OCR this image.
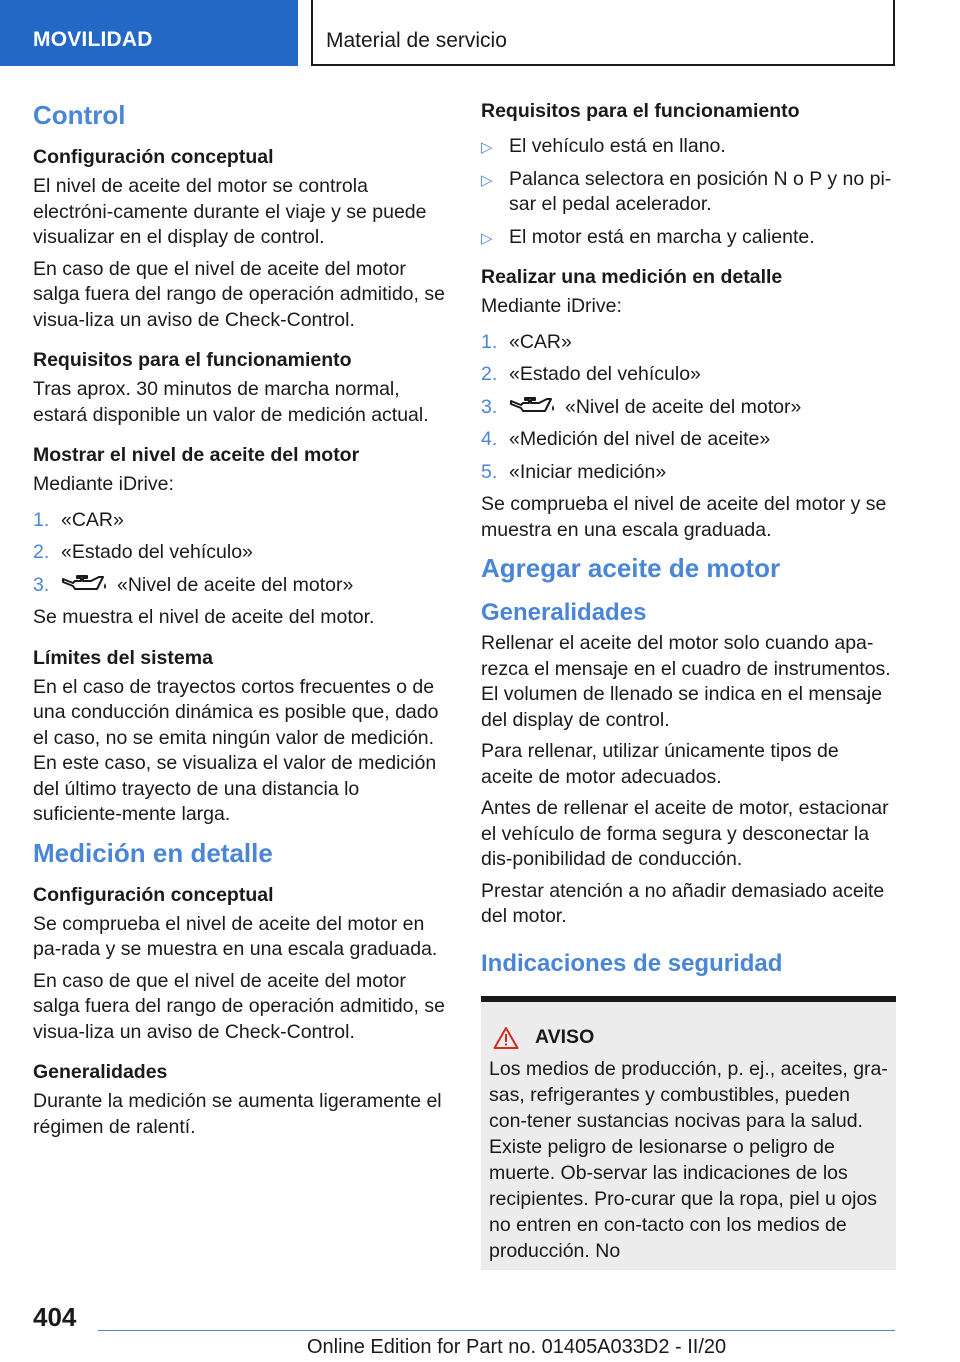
MOVILIDAD	Material de servicio
Control
Configuración conceptual

El nivel de aceite del motor se controla electróni‐camente durante el viaje y se puede visualizar en el display de control.

En caso de que el nivel de aceite del motor salga fuera del rango de operación admitido, se visua‐liza un aviso de Check-Control.

Requisitos para el funcionamiento

Tras aprox. 30 minutos de marcha normal, estará disponible un valor de medición actual.

Mostrar el nivel de aceite del motor

Mediante iDrive:

1. «CAR»
2. «Estado del vehículo»
3.	«Nivel de aceite del motor»

Se muestra el nivel de aceite del motor.

Límites del sistema

En el caso de trayectos cortos frecuentes o de una conducción dinámica es posible que, dado el caso, no se emita ningún valor de medición. En este caso, se visualiza el valor de medición del último trayecto de una distancia lo suficiente‐mente larga.

Medición en detalle
Configuración conceptual

Se comprueba el nivel de aceite del motor en pa‐rada y se muestra en una escala graduada.

En caso de que el nivel de aceite del motor salga fuera del rango de operación admitido, se visua‐liza un aviso de Check-Control.

Generalidades

Durante la medición se aumenta ligeramente el régimen de ralentí.

Requisitos para el funcionamiento
▷ El vehículo está en llano.
▷ Palanca selectora en posición N o P y no pi‐sar el pedal acelerador.
▷ El motor está en marcha y caliente.
Realizar una medición en detalle

Mediante iDrive:

1. «CAR»
2. «Estado del vehículo»
3.	«Nivel de aceite del motor»
4. «Medición del nivel de aceite»
5. «Iniciar medición»

Se comprueba el nivel de aceite del motor y se muestra en una escala graduada.

Agregar aceite de motor
Generalidades

Rellenar el aceite del motor solo cuando apa‐rezca el mensaje en el cuadro de instrumentos. El volumen de llenado se indica en el mensaje del display de control.

Para rellenar, utilizar únicamente tipos de aceite de motor adecuados.

Antes de rellenar el aceite de motor, estacionar el vehículo de forma segura y desconectar la dis‐ponibilidad de conducción.

Prestar atención a no añadir demasiado aceite del motor.

Indicaciones de seguridad
AVISO

Los medios de producción, p. ej., aceites, gra‐sas, refrigerantes y combustibles, pueden con‐tener sustancias nocivas para la salud. Existe peligro de lesionarse o peligro de muerte. Ob‐servar las indicaciones de los recipientes. Pro‐curar que la ropa, piel u ojos no entren en con‐tacto con los medios de producción. No

404
Online Edition for Part no. 01405A033D2 - II/20
